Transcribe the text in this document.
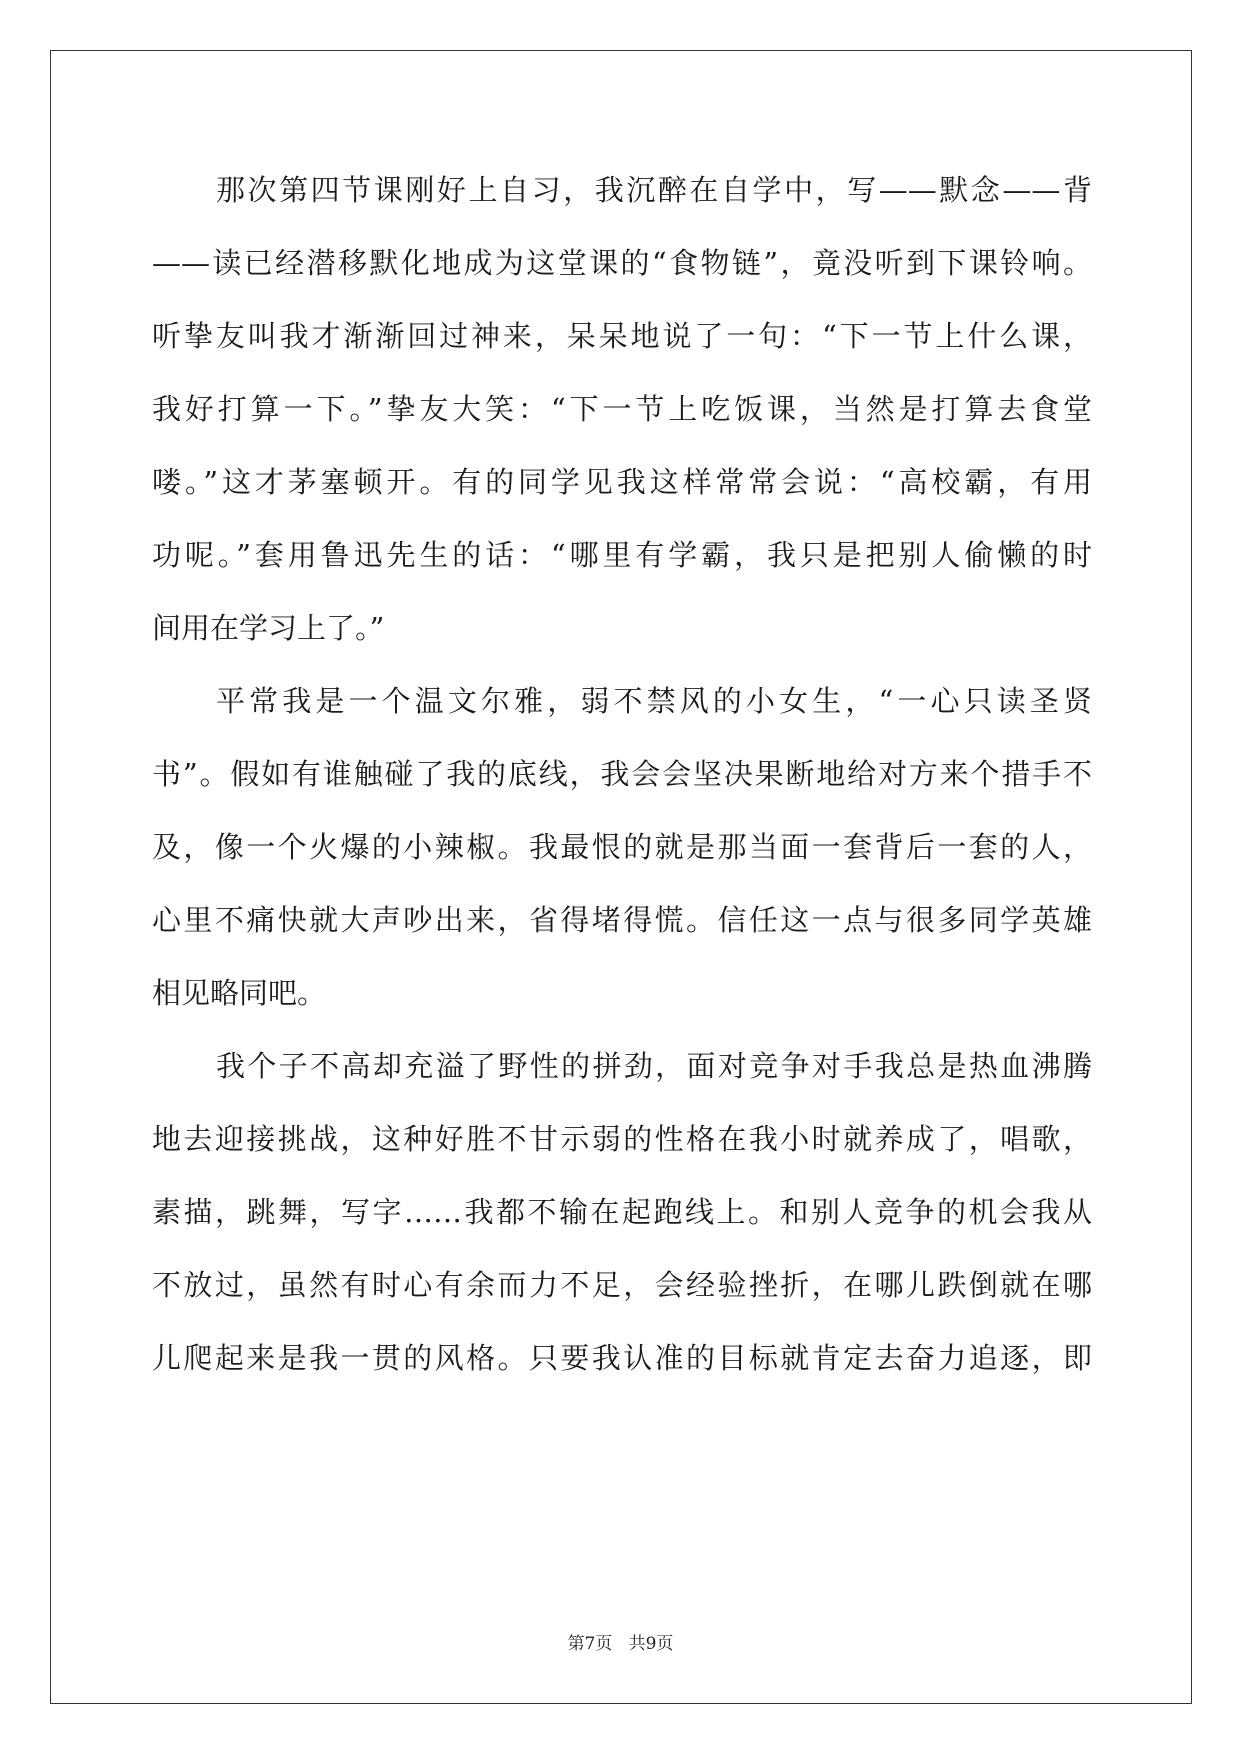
那次第四节课刚好上自习，我沉醉在自学中，写——默念——背
——读已经潜移默化地成为这堂课的“食物链”，竟没听到下课铃响。
听挚友叫我才渐渐回过神来，呆呆地说了一句：“下一节上什么课，
我好打算一下。”挚友大笑：“下一节上吃饭课，当然是打算去食堂
喽。”这才茅塞顿开。有的同学见我这样常常会说：“高校霸，有用
功呢。”套用鲁迅先生的话：“哪里有学霸，我只是把别人偷懒的时
间用在学习上了。”
平常我是一个温文尔雅，弱不禁风的小女生，“一心只读圣贤
书”。假如有谁触碰了我的底线，我会会坚决果断地给对方来个措手不
及，像一个火爆的小辣椒。我最恨的就是那当面一套背后一套的人，
心里不痛快就大声吵出来，省得堵得慌。信任这一点与很多同学英雄
相见略同吧。
我个子不高却充溢了野性的拼劲，面对竞争对手我总是热血沸腾
地去迎接挑战，这种好胜不甘示弱的性格在我小时就养成了，唱歌，
素描，跳舞，写字……我都不输在起跑线上。和别人竞争的机会我从
不放过，虽然有时心有余而力不足，会经验挫折，在哪儿跌倒就在哪
儿爬起来是我一贯的风格。只要我认准的目标就肯定去奋力追逐，即
第7页 共9页
